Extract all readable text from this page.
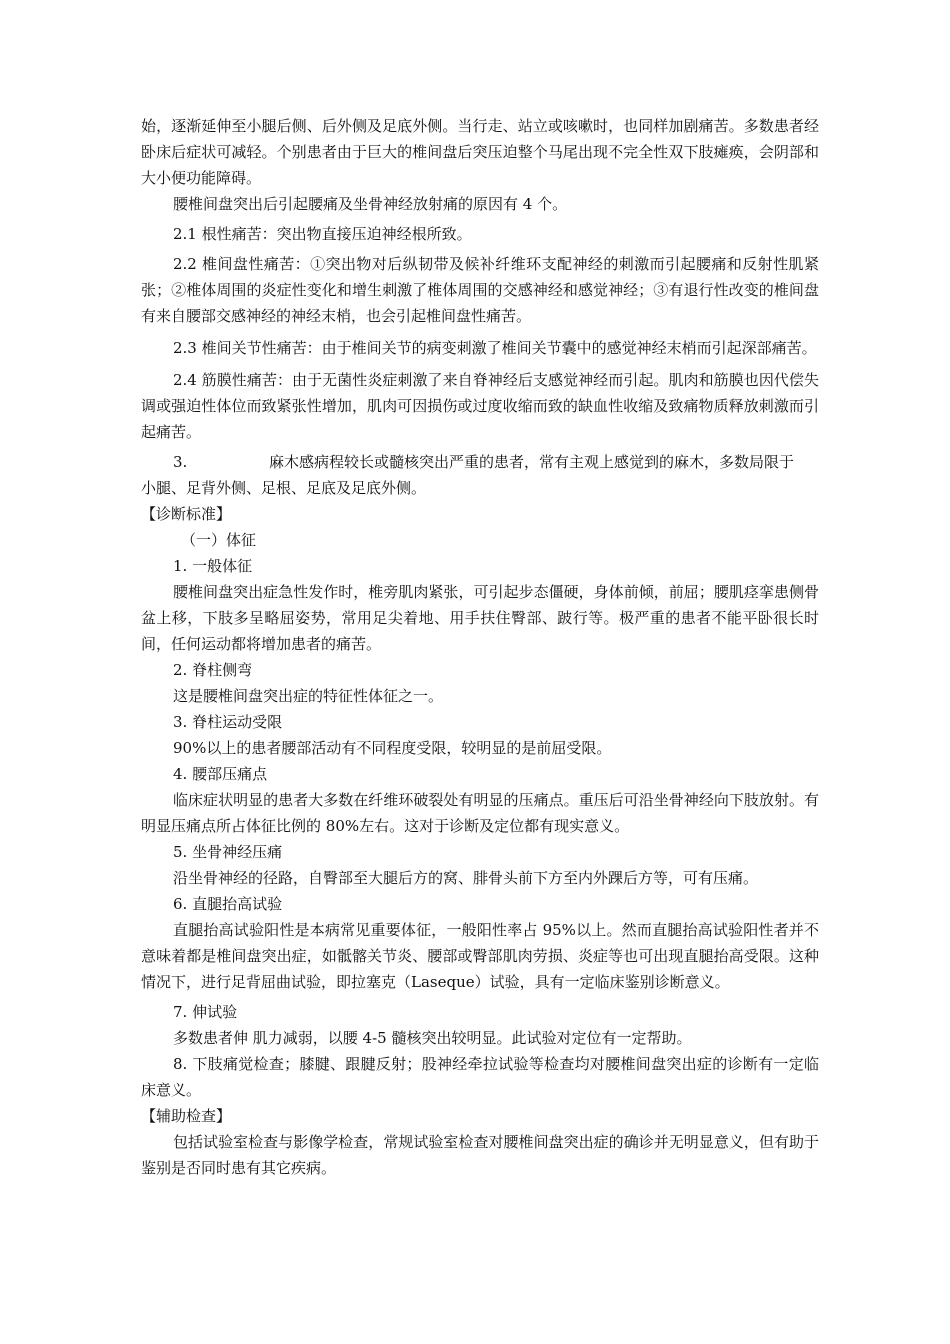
始，逐渐延伸至小腿后侧、后外侧及足底外侧。当行走、站立或咳嗽时，也同样加剧痛苦。多数患者经卧床后症状可减轻。个别患者由于巨大的椎间盘后突压迫整个马尾出现不完全性双下肢瘫痪，会阴部和大小便功能障碍。

腰椎间盘突出后引起腰痛及坐骨神经放射痛的原因有 4 个。

2.1 根性痛苦：突出物直接压迫神经根所致。

2.2 椎间盘性痛苦：①突出物对后纵韧带及候补纤维环支配神经的刺激而引起腰痛和反射性肌紧张；②椎体周围的炎症性变化和增生刺激了椎体周围的交感神经和感觉神经；③有退行性改变的椎间盘有来自腰部交感神经的神经末梢，也会引起椎间盘性痛苦。

2.3 椎间关节性痛苦：由于椎间关节的病变刺激了椎间关节囊中的感觉神经末梢而引起深部痛苦。

2.4 筋膜性痛苦：由于无菌性炎症刺激了来自脊神经后支感觉神经而引起。肌肉和筋膜也因代偿失调或强迫性体位而致紧张性增加，肌肉可因损伤或过度收缩而致的缺血性收缩及致痛物质释放刺激而引起痛苦。

3.	麻木感病程较长或髓核突出严重的患者，常有主观上感觉到的麻木，多数局限于

小腿、足背外侧、足根、足底及足底外侧。

【诊断标准】

（一）体征

1. 一般体征

腰椎间盘突出症急性发作时，椎旁肌肉紧张，可引起步态僵硬，身体前倾，前屈；腰肌痉挛患侧骨盆上移，下肢多呈略屈姿势，常用足尖着地、用手扶住臀部、跛行等。极严重的患者不能平卧很长时间，任何运动都将增加患者的痛苦。

2. 脊柱侧弯

这是腰椎间盘突出症的特征性体征之一。

3. 脊柱运动受限

90%以上的患者腰部活动有不同程度受限，较明显的是前屈受限。

4. 腰部压痛点

临床症状明显的患者大多数在纤维环破裂处有明显的压痛点。重压后可沿坐骨神经向下肢放射。有明显压痛点所占体征比例的 80%左右。这对于诊断及定位都有现实意义。

5. 坐骨神经压痛

沿坐骨神经的径路，自臀部至大腿后方的窝、腓骨头前下方至内外踝后方等，可有压痛。

6. 直腿抬高试验

直腿抬高试验阳性是本病常见重要体征，一般阳性率占 95%以上。然而直腿抬高试验阳性者并不意味着都是椎间盘突出症，如骶髂关节炎、腰部或臀部肌肉劳损、炎症等也可出现直腿抬高受限。这种情况下，进行足背屈曲试验，即拉塞克（Laseque）试验，具有一定临床鉴别诊断意义。

7. 伸试验

多数患者伸 肌力减弱，以腰 4-5 髓核突出较明显。此试验对定位有一定帮助。

8. 下肢痛觉检查；膝腱、跟腱反射；股神经牵拉试验等检查均对腰椎间盘突出症的诊断有一定临床意义。

【辅助检查】

包括试验室检查与影像学检查，常规试验室检查对腰椎间盘突出症的确诊并无明显意义，但有助于鉴别是否同时患有其它疾病。
